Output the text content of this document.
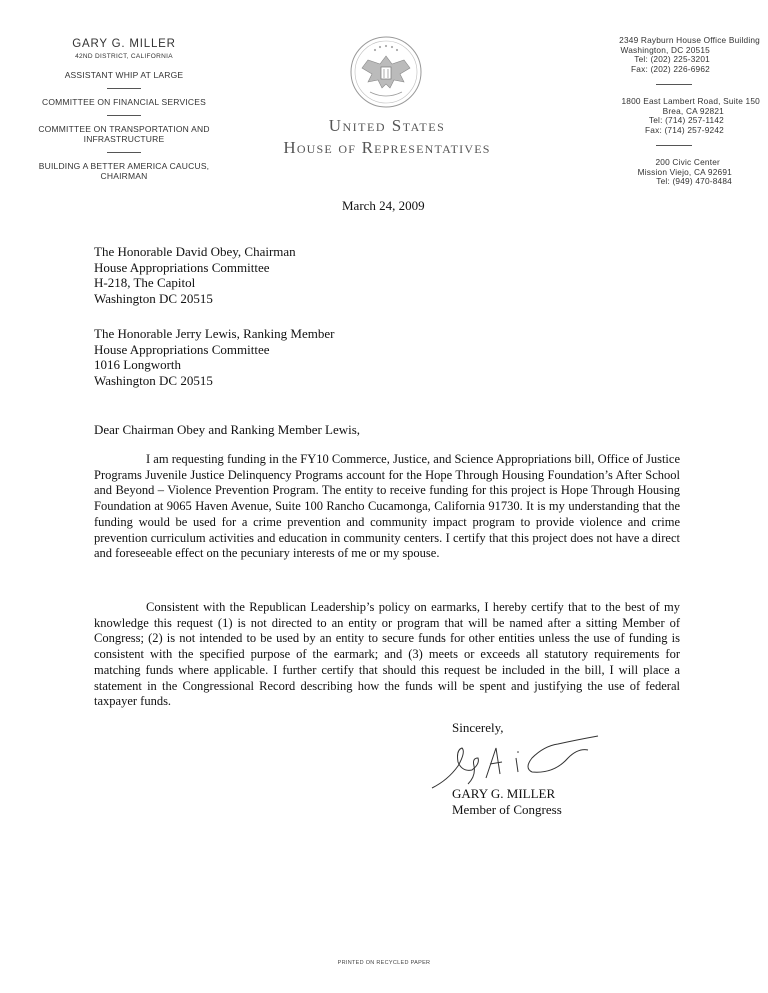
GARY G. MILLER
42ND DISTRICT, CALIFORNIA
ASSISTANT WHIP AT LARGE
COMMITTEE ON FINANCIAL SERVICES
COMMITTEE ON TRANSPORTATION AND INFRASTRUCTURE
BUILDING A BETTER AMERICA CAUCUS, CHAIRMAN
United States
House of Representatives
2349 Rayburn House Office Building
Washington, DC 20515
Tel: (202) 225-3201
Fax: (202) 226-6962
1800 East Lambert Road, Suite 150
Brea, CA 92821
Tel: (714) 257-1142
Fax: (714) 257-9242
200 Civic Center
Mission Viejo, CA 92691
Tel: (949) 470-8484
March 24, 2009
The Honorable David Obey, Chairman
House Appropriations Committee
H-218, The Capitol
Washington DC 20515
The Honorable Jerry Lewis, Ranking Member
House Appropriations Committee
1016 Longworth
Washington DC 20515
Dear Chairman Obey and Ranking Member Lewis,
I am requesting funding in the FY10 Commerce, Justice, and Science Appropriations bill, Office of Justice Programs Juvenile Justice Delinquency Programs account for the Hope Through Housing Foundation’s After School and Beyond – Violence Prevention Program. The entity to receive funding for this project is Hope Through Housing Foundation at 9065 Haven Avenue, Suite 100 Rancho Cucamonga, California 91730. It is my understanding that the funding would be used for a crime prevention and community impact program to provide violence and crime prevention curriculum activities and education in community centers. I certify that this project does not have a direct and foreseeable effect on the pecuniary interests of me or my spouse.
Consistent with the Republican Leadership’s policy on earmarks, I hereby certify that to the best of my knowledge this request (1) is not directed to an entity or program that will be named after a sitting Member of Congress; (2) is not intended to be used by an entity to secure funds for other entities unless the use of funding is consistent with the specified purpose of the earmark; and (3) meets or exceeds all statutory requirements for matching funds where applicable. I further certify that should this request be included in the bill, I will place a statement in the Congressional Record describing how the funds will be spent and justifying the use of federal taxpayer funds.
Sincerely,
GARY G. MILLER
Member of Congress
PRINTED ON RECYCLED PAPER
